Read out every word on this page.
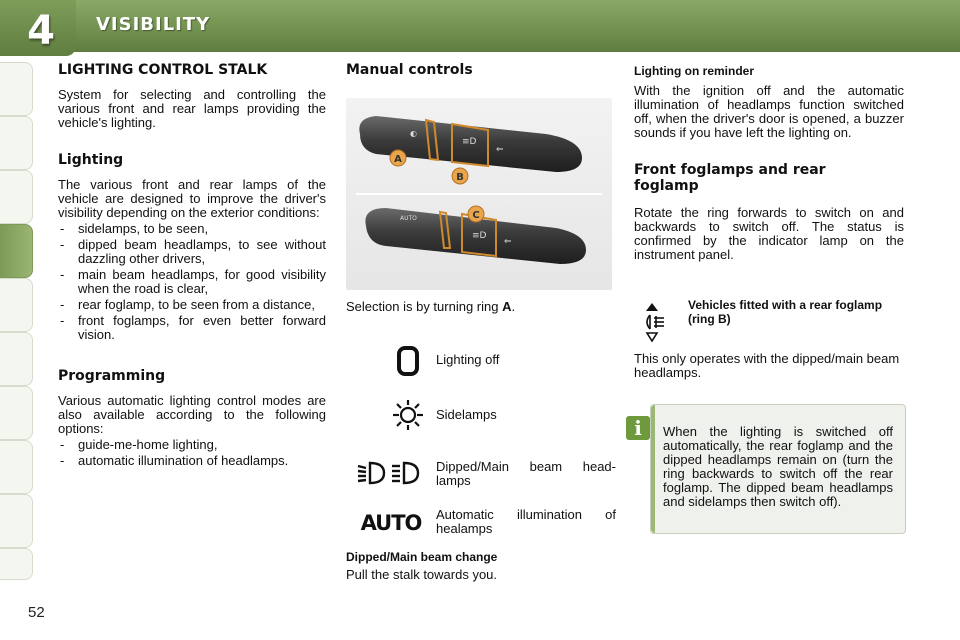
4	VISIBILITY
52

LIGHTING CONTROL STALK

System for selecting and controlling the various front and rear lamps providing the vehicle's lighting.

Lighting

The various front and rear lamps of the vehicle are designed to improve the driver's visibility depending on the exterior conditions:

- sidelamps, to be seen,
- dipped beam headlamps, to see without dazzling other drivers,
- main beam headlamps, for good visibility when the road is clear,
- rear foglamp, to be seen from a distance,
- front foglamps, for even better forward vision.

Programming

Various automatic lighting control modes are also available according to the following options:

- guide-me-home lighting,
- automatic illumination of headlamps.

Manual controls

◐
≡D
⇐
A
B
AUTO
≡D
⇐
C

Selection is by turning ring A.

Lighting off
Sidelamps
Dipped/Main beam head-lamps
AUTO Automatic illumination of healamps

Dipped/Main beam change

Pull the stalk towards you.

Lighting on reminder

With the ignition off and the automatic illumination of headlamps function switched off, when the driver's door is opened, a buzzer sounds if you have left the lighting on.

Front foglamps and rear foglamp

Rotate the ring forwards to switch on and backwards to switch off. The status is confirmed by the indicator lamp on the instrument panel.

Vehicles fitted with a rear foglamp (ring B)

This only operates with the dipped/main beam headlamps.

When the lighting is switched off automatically, the rear foglamp and the dipped headlamps remain on (turn the ring backwards to switch off the rear foglamp. The dipped beam headlamps and sidelamps then switch off).
i
